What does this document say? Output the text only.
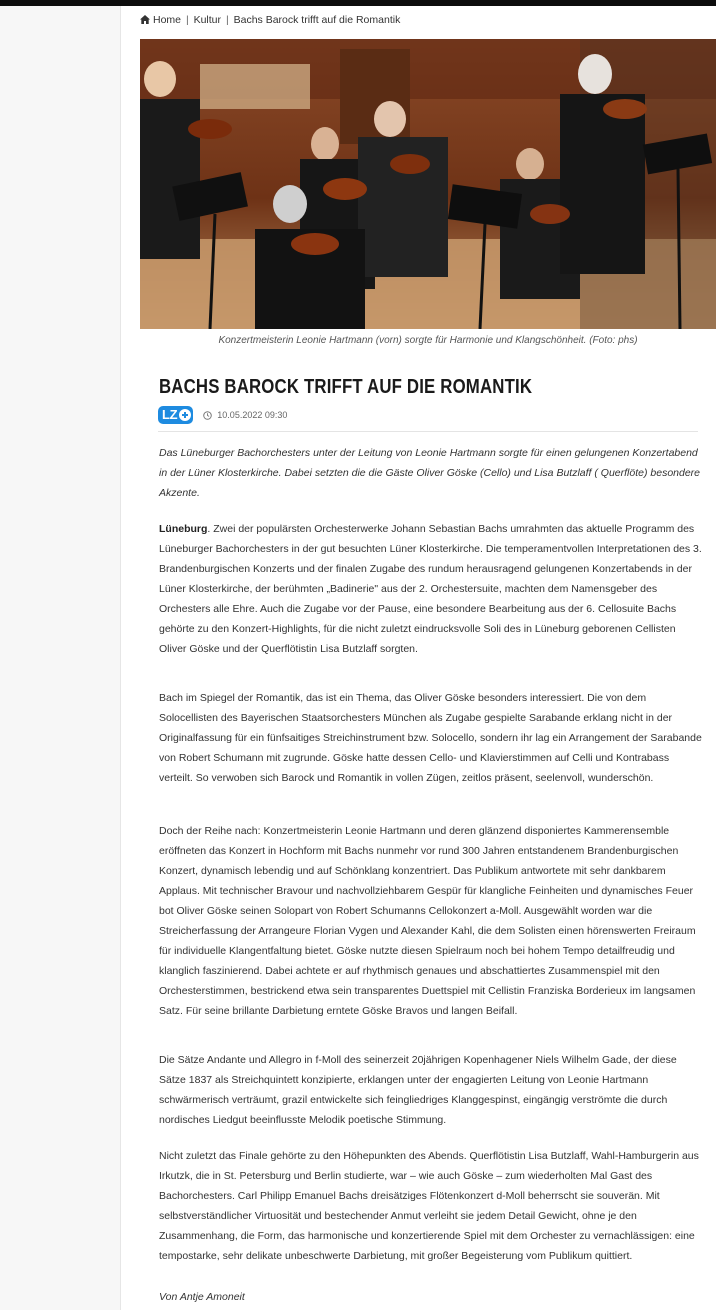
Home | Kultur | Bachs Barock trifft auf die Romantik
Konzertmeisterin Leonie Hartmann (vorn) sorgte für Harmonie und Klangschönheit. (Foto: phs)
BACHS BAROCK TRIFFT AUF DIE ROMANTIK
LZ	10.05.2022 09:30

Das Lüneburger Bachorchesters unter der Leitung von Leonie Hartmann sorgte für einen gelungenen Konzertabend in der Lüner Klosterkirche. Dabei setzten die die Gäste Oliver Göske (Cello) und Lisa Butzlaff ( Querflöte) besondere Akzente.

Lüneburg. Zwei der populärsten Orchesterwerke Johann Sebastian Bachs umrahmten das aktuelle Programm des Lüneburger Bachorchesters in der gut besuchten Lüner Klosterkirche. Die temperamentvollen Interpretationen des 3. Brandenburgischen Konzerts und der finalen Zugabe des rundum herausragend gelungenen Konzertabends in der Lüner Klosterkirche, der berühmten „Badinerie" aus der 2. Orchestersuite, machten dem Namensgeber des Orchesters alle Ehre. Auch die Zugabe vor der Pause, eine besondere Bearbeitung aus der 6. Cellosuite Bachs gehörte zu den Konzert-Highlights, für die nicht zuletzt eindrucksvolle Soli des in Lüneburg geborenen Cellisten Oliver Göske und der Querflötistin Lisa Butzlaff sorgten.

Bach im Spiegel der Romantik, das ist ein Thema, das Oliver Göske besonders interessiert. Die von dem Solocellisten des Bayerischen Staatsorchesters München als Zugabe gespielte Sarabande erklang nicht in der Originalfassung für ein fünfsaitiges Streichinstrument bzw. Solocello, sondern ihr lag ein Arrangement der Sarabande von Robert Schumann mit zugrunde. Göske hatte dessen Cello- und Klavierstimmen auf Celli und Kontrabass verteilt. So verwoben sich Barock und Romantik in vollen Zügen, zeitlos präsent, seelenvoll, wunderschön.

Doch der Reihe nach: Konzertmeisterin Leonie Hartmann und deren glänzend disponiertes Kammerensemble eröffneten das Konzert in Hochform mit Bachs nunmehr vor rund 300 Jahren entstandenem Brandenburgischen Konzert, dynamisch lebendig und auf Schönklang konzentriert. Das Publikum antwortete mit sehr dankbarem Applaus. Mit technischer Bravour und nachvollziehbarem Gespür für klangliche Feinheiten und dynamisches Feuer bot Oliver Göske seinen Solopart von Robert Schumanns Cellokonzert a-Moll. Ausgewählt worden war die Streicherfassung der Arrangeure Florian Vygen und Alexander Kahl, die dem Solisten einen hörenswerten Freiraum für individuelle Klangentfaltung bietet. Göske nutzte diesen Spielraum noch bei hohem Tempo detailfreudig und klanglich faszinierend. Dabei achtete er auf rhythmisch genaues und abschattiertes Zusammenspiel mit den Orchesterstimmen, bestrickend etwa sein transparentes Duettspiel mit Cellistin Franziska Borderieux im langsamen Satz. Für seine brillante Darbietung erntete Göske Bravos und langen Beifall.

Die Sätze Andante und Allegro in f-Moll des seinerzeit 20jährigen Kopenhagener Niels Wilhelm Gade, der diese Sätze 1837 als Streichquintett konzipierte, erklangen unter der engagierten Leitung von Leonie Hartmann schwärmerisch verträumt, grazil entwickelte sich feingliedriges Klanggespinst, eingängig verströmte die durch nordisches Liedgut beeinflusste Melodik poetische Stimmung.

Nicht zuletzt das Finale gehörte zu den Höhepunkten des Abends. Querflötistin Lisa Butzlaff, Wahl-Hamburgerin aus Irkutzk, die in St. Petersburg und Berlin studierte, war – wie auch Göske – zum wiederholten Mal Gast des Bachorchesters. Carl Philipp Emanuel Bachs dreisätziges Flötenkonzert d-Moll beherrscht sie souverän. Mit selbstverständlicher Virtuosität und bestechender Anmut verleiht sie jedem Detail Gewicht, ohne je den Zusammenhang, die Form, das harmonische und konzertierende Spiel mit dem Orchester zu vernachlässigen: eine tempostarke, sehr delikate unbeschwerte Darbietung, mit großer Begeisterung vom Publikum quittiert.

Von Antje Amoneit
